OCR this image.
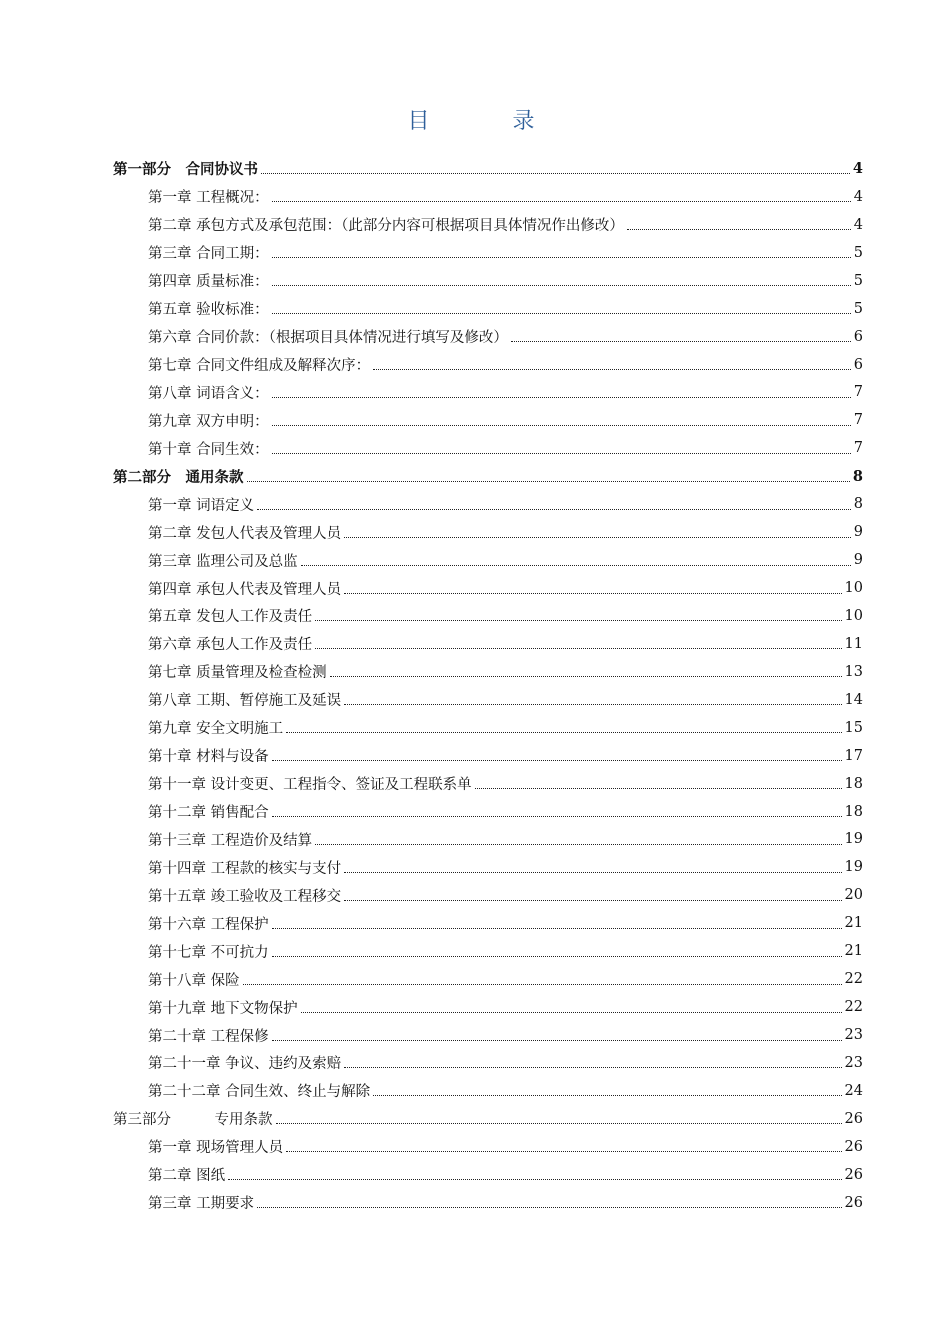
目 录
第一部分　合同协议书	4
第一章 工程概况：	4
第二章 承包方式及承包范围：（此部分内容可根据项目具体情况作出修改）	4
第三章 合同工期：	5
第四章 质量标准：	5
第五章 验收标准：	5
第六章 合同价款：（根据项目具体情况进行填写及修改）	6
第七章 合同文件组成及解释次序：	6
第八章 词语含义：	7
第九章 双方申明：	7
第十章 合同生效：	7
第二部分　通用条款	8
第一章 词语定义	8
第二章 发包人代表及管理人员	9
第三章 监理公司及总监	9
第四章 承包人代表及管理人员	10
第五章 发包人工作及责任	10
第六章 承包人工作及责任	11
第七章 质量管理及检查检测	13
第八章 工期、暂停施工及延误	14
第九章 安全文明施工	15
第十章 材料与设备	17
第十一章 设计变更、工程指令、签证及工程联系单	18
第十二章 销售配合	18
第十三章 工程造价及结算	19
第十四章 工程款的核实与支付	19
第十五章 竣工验收及工程移交	20
第十六章 工程保护	21
第十七章 不可抗力	21
第十八章 保险	22
第十九章 地下文物保护	22
第二十章 工程保修	23
第二十一章 争议、违约及索赔	23
第二十二章 合同生效、终止与解除	24
第三部分　　　专用条款	26
第一章 现场管理人员	26
第二章 图纸	26
第三章 工期要求	26
